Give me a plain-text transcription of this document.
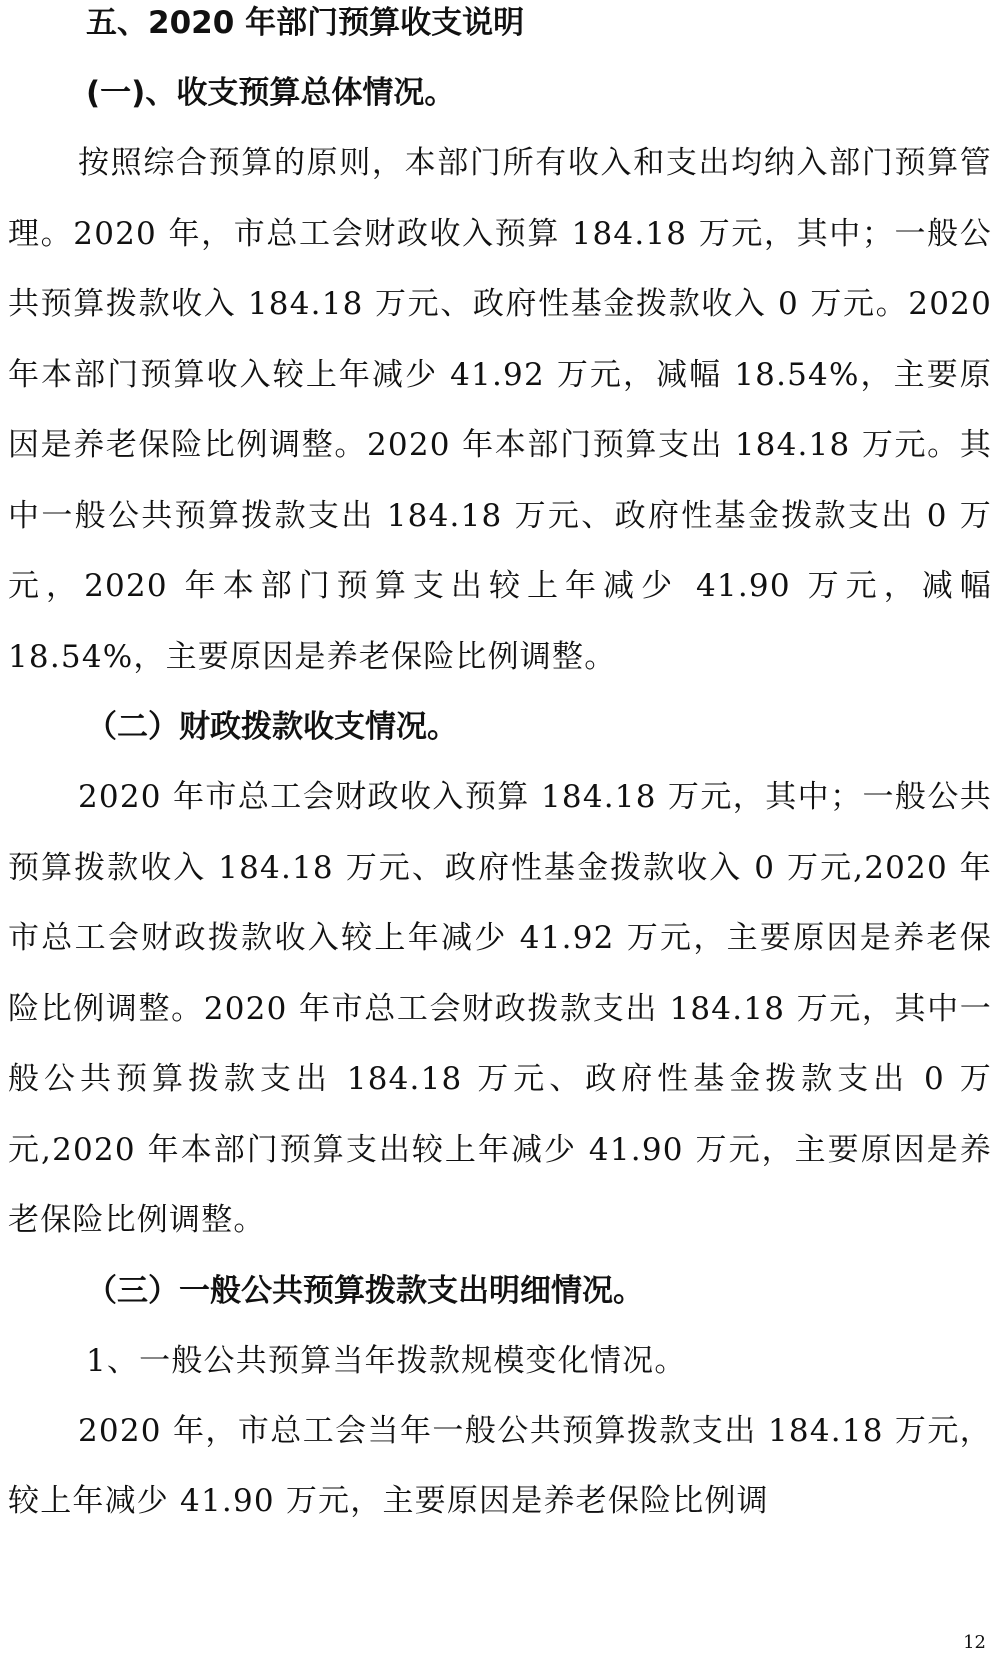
五、2020 年部门预算收支说明
(一)、收支预算总体情况。

按照综合预算的原则，本部门所有收入和支出均纳入部门预算管理。2020 年，市总工会财政收入预算 184.18 万元，其中；一般公共预算拨款收入 184.18 万元、政府性基金拨款收入 0 万元。2020 年本部门预算收入较上年减少 41.92 万元，减幅 18.54%，主要原因是养老保险比例调整。2020 年本部门预算支出 184.18 万元。其中一般公共预算拨款支出 184.18 万元、政府性基金拨款支出 0 万元，2020 年本部门预算支出较上年减少 41.90 万元，减幅 18.54%，主要原因是养老保险比例调整。

（二）财政拨款收支情况。

2020 年市总工会财政收入预算 184.18 万元，其中；一般公共预算拨款收入 184.18 万元、政府性基金拨款收入 0 万元,2020 年市总工会财政拨款收入较上年减少 41.92 万元，主要原因是养老保险比例调整。2020 年市总工会财政拨款支出 184.18 万元，其中一般公共预算拨款支出 184.18 万元、政府性基金拨款支出 0 万元,2020 年本部门预算支出较上年减少 41.90 万元，主要原因是养老保险比例调整。

（三）一般公共预算拨款支出明细情况。

1、一般公共预算当年拨款规模变化情况。

2020 年，市总工会当年一般公共预算拨款支出 184.18 万元，较上年减少 41.90 万元，主要原因是养老保险比例调

12
